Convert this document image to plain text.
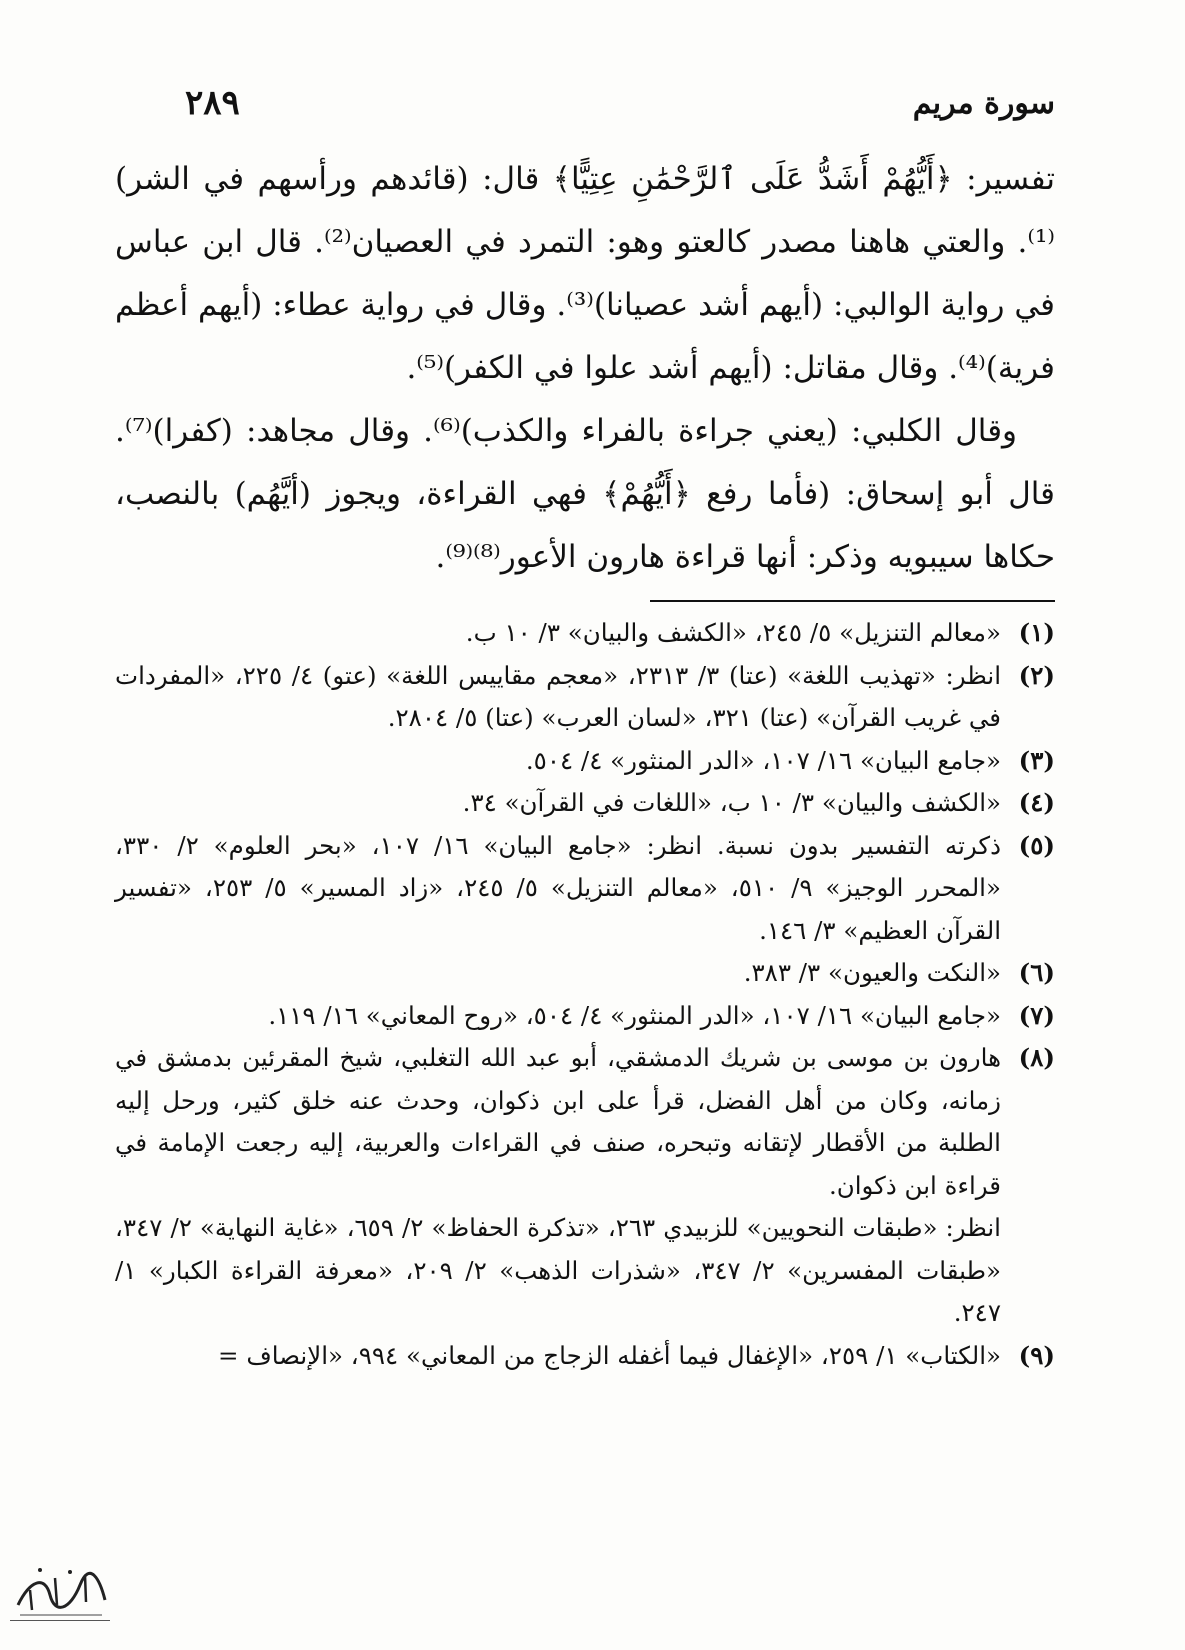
سورة مريم
٢٨٩

تفسير: ﴿أَيُّهُمْ أَشَدُّ عَلَى ٱلرَّحْمَٰنِ عِتِيًّا﴾ قال: (قائدهم ورأسهم في الشر)⁽¹⁾. والعتي هاهنا مصدر كالعتو وهو: التمرد في العصيان⁽²⁾. قال ابن عباس في رواية الوالبي: (أيهم أشد عصيانا)⁽³⁾. وقال في رواية عطاء: (أيهم أعظم فرية)⁽⁴⁾. وقال مقاتل: (أيهم أشد علوا في الكفر)⁽⁵⁾.

وقال الكلبي: (يعني جراءة بالفراء والكذب)⁽⁶⁾. وقال مجاهد: (كفرا)⁽⁷⁾. قال أبو إسحاق: (فأما رفع ﴿أَيُّهُمْ﴾ فهي القراءة، ويجوز (أيَّهُم) بالنصب، حكاها سيبويه وذكر: أنها قراءة هارون الأعور⁽⁸⁾⁽⁹⁾.

(١)
«معالم التنزيل» ٥/ ٢٤٥، «الكشف والبيان» ٣/ ١٠ ب.
(٢)
انظر: «تهذيب اللغة» (عتا) ٣/ ٢٣١٣، «معجم مقاييس اللغة» (عتو) ٤/ ٢٢٥، «المفردات في غريب القرآن» (عتا) ٣٢١، «لسان العرب» (عتا) ٥/ ٢٨٠٤.
(٣)
«جامع البيان» ١٦/ ١٠٧، «الدر المنثور» ٤/ ٥٠٤.
(٤)
«الكشف والبيان» ٣/ ١٠ ب، «اللغات في القرآن» ٣٤.
(٥)
ذكرته التفسير بدون نسبة. انظر: «جامع البيان» ١٦/ ١٠٧، «بحر العلوم» ٢/ ٣٣٠، «المحرر الوجيز» ٩/ ٥١٠، «معالم التنزيل» ٥/ ٢٤٥، «زاد المسير» ٥/ ٢٥٣، «تفسير القرآن العظيم» ٣/ ١٤٦.
(٦)
«النكت والعيون» ٣/ ٣٨٣.
(٧)
«جامع البيان» ١٦/ ١٠٧، «الدر المنثور» ٤/ ٥٠٤، «روح المعاني» ١٦/ ١١٩.
(٨)
هارون بن موسى بن شريك الدمشقي، أبو عبد الله التغلبي، شيخ المقرئين بدمشق في زمانه، وكان من أهل الفضل، قرأ على ابن ذكوان، وحدث عنه خلق كثير، ورحل إليه الطلبة من الأقطار لإتقانه وتبحره، صنف في القراءات والعربية، إليه رجعت الإمامة في قراءة ابن ذكوان.
انظر: «طبقات النحويين» للزبيدي ٢٦٣، «تذكرة الحفاظ» ٢/ ٦٥٩، «غاية النهاية» ٢/ ٣٤٧، «طبقات المفسرين» ٢/ ٣٤٧، «شذرات الذهب» ٢/ ٢٠٩، «معرفة القراءة الكبار» ١/ ٢٤٧.
(٩)
«الكتاب» ١/ ٢٥٩، «الإغفال فيما أغفله الزجاج من المعاني» ٩٩٤، «الإنصاف =
